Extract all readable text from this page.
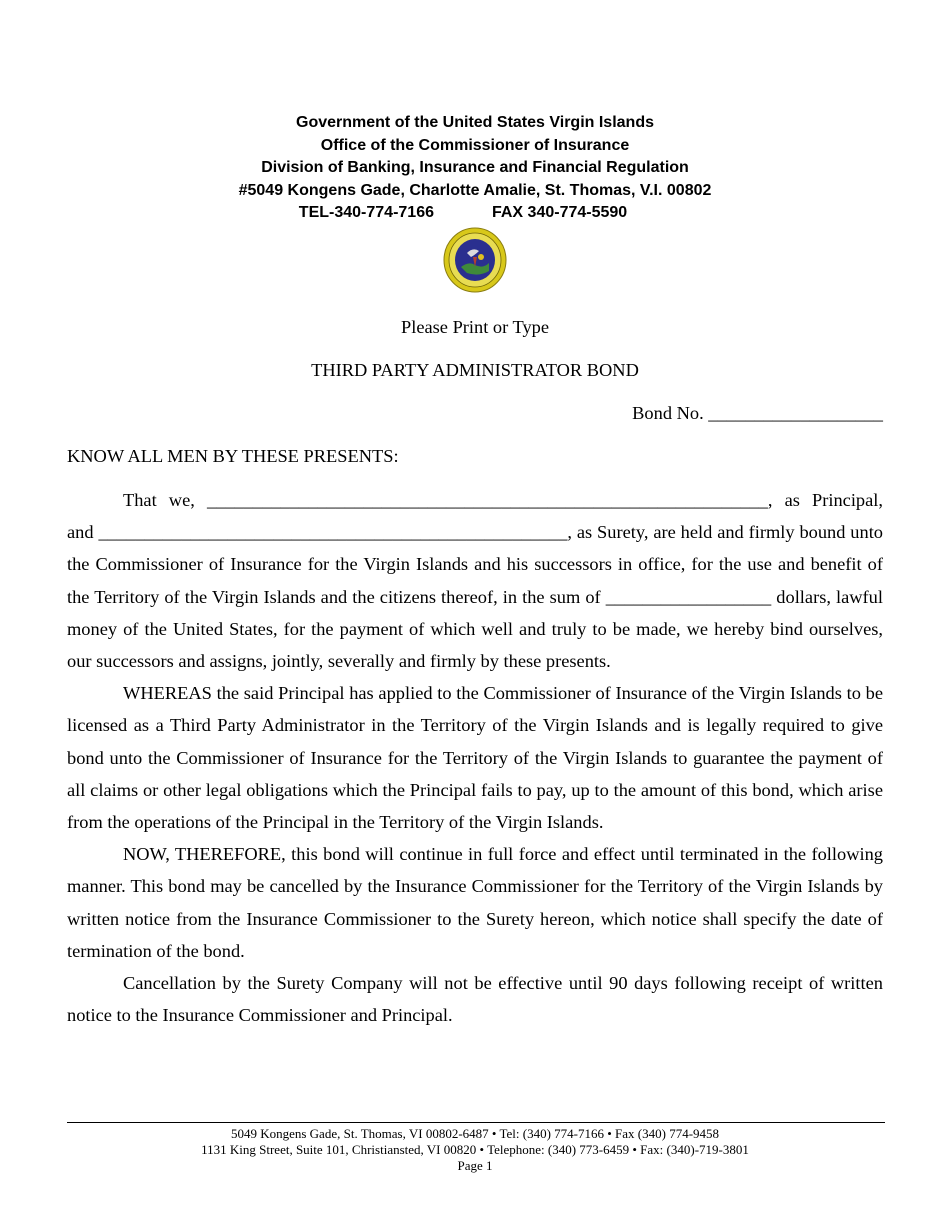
Government of the United States Virgin Islands
Office of the Commissioner of Insurance
Division of Banking, Insurance and Financial Regulation
#5049 Kongens Gade, Charlotte Amalie, St. Thomas, V.I. 00802
TEL-340-774-7166	FAX 340-774-5590
Please Print or Type
THIRD PARTY ADMINISTRATOR BOND
Bond No. ___________________
KNOW ALL MEN BY THESE PRESENTS:

That we, _____________________________________________________________, as Principal, and ___________________________________________________, as Surety, are held and firmly bound unto the Commissioner of Insurance for the Virgin Islands and his successors in office, for the use and benefit of the Territory of the Virgin Islands and the citizens thereof, in the sum of __________________ dollars, lawful money of the United States, for the payment of which well and truly to be made, we hereby bind ourselves, our successors and assigns, jointly, severally and firmly by these presents.

WHEREAS the said Principal has applied to the Commissioner of Insurance of the Virgin Islands to be licensed as a Third Party Administrator in the Territory of the Virgin Islands and is legally required to give bond unto the Commissioner of Insurance for the Territory of the Virgin Islands to guarantee the payment of all claims or other legal obligations which the Principal fails to pay, up to the amount of this bond, which arise from the operations of the Principal in the Territory of the Virgin Islands.

NOW, THEREFORE, this bond will continue in full force and effect until terminated in the following manner. This bond may be cancelled by the Insurance Commissioner for the Territory of the Virgin Islands by written notice from the Insurance Commissioner to the Surety hereon, which notice shall specify the date of termination of the bond.

Cancellation by the Surety Company will not be effective until 90 days following receipt of written notice to the Insurance Commissioner and Principal.

5049 Kongens Gade, St. Thomas, VI 00802-6487 • Tel: (340) 774-7166 • Fax (340) 774-9458
1131 King Street, Suite 101, Christiansted, VI 00820 • Telephone: (340) 773-6459 • Fax: (340)-719-3801
Page 1
